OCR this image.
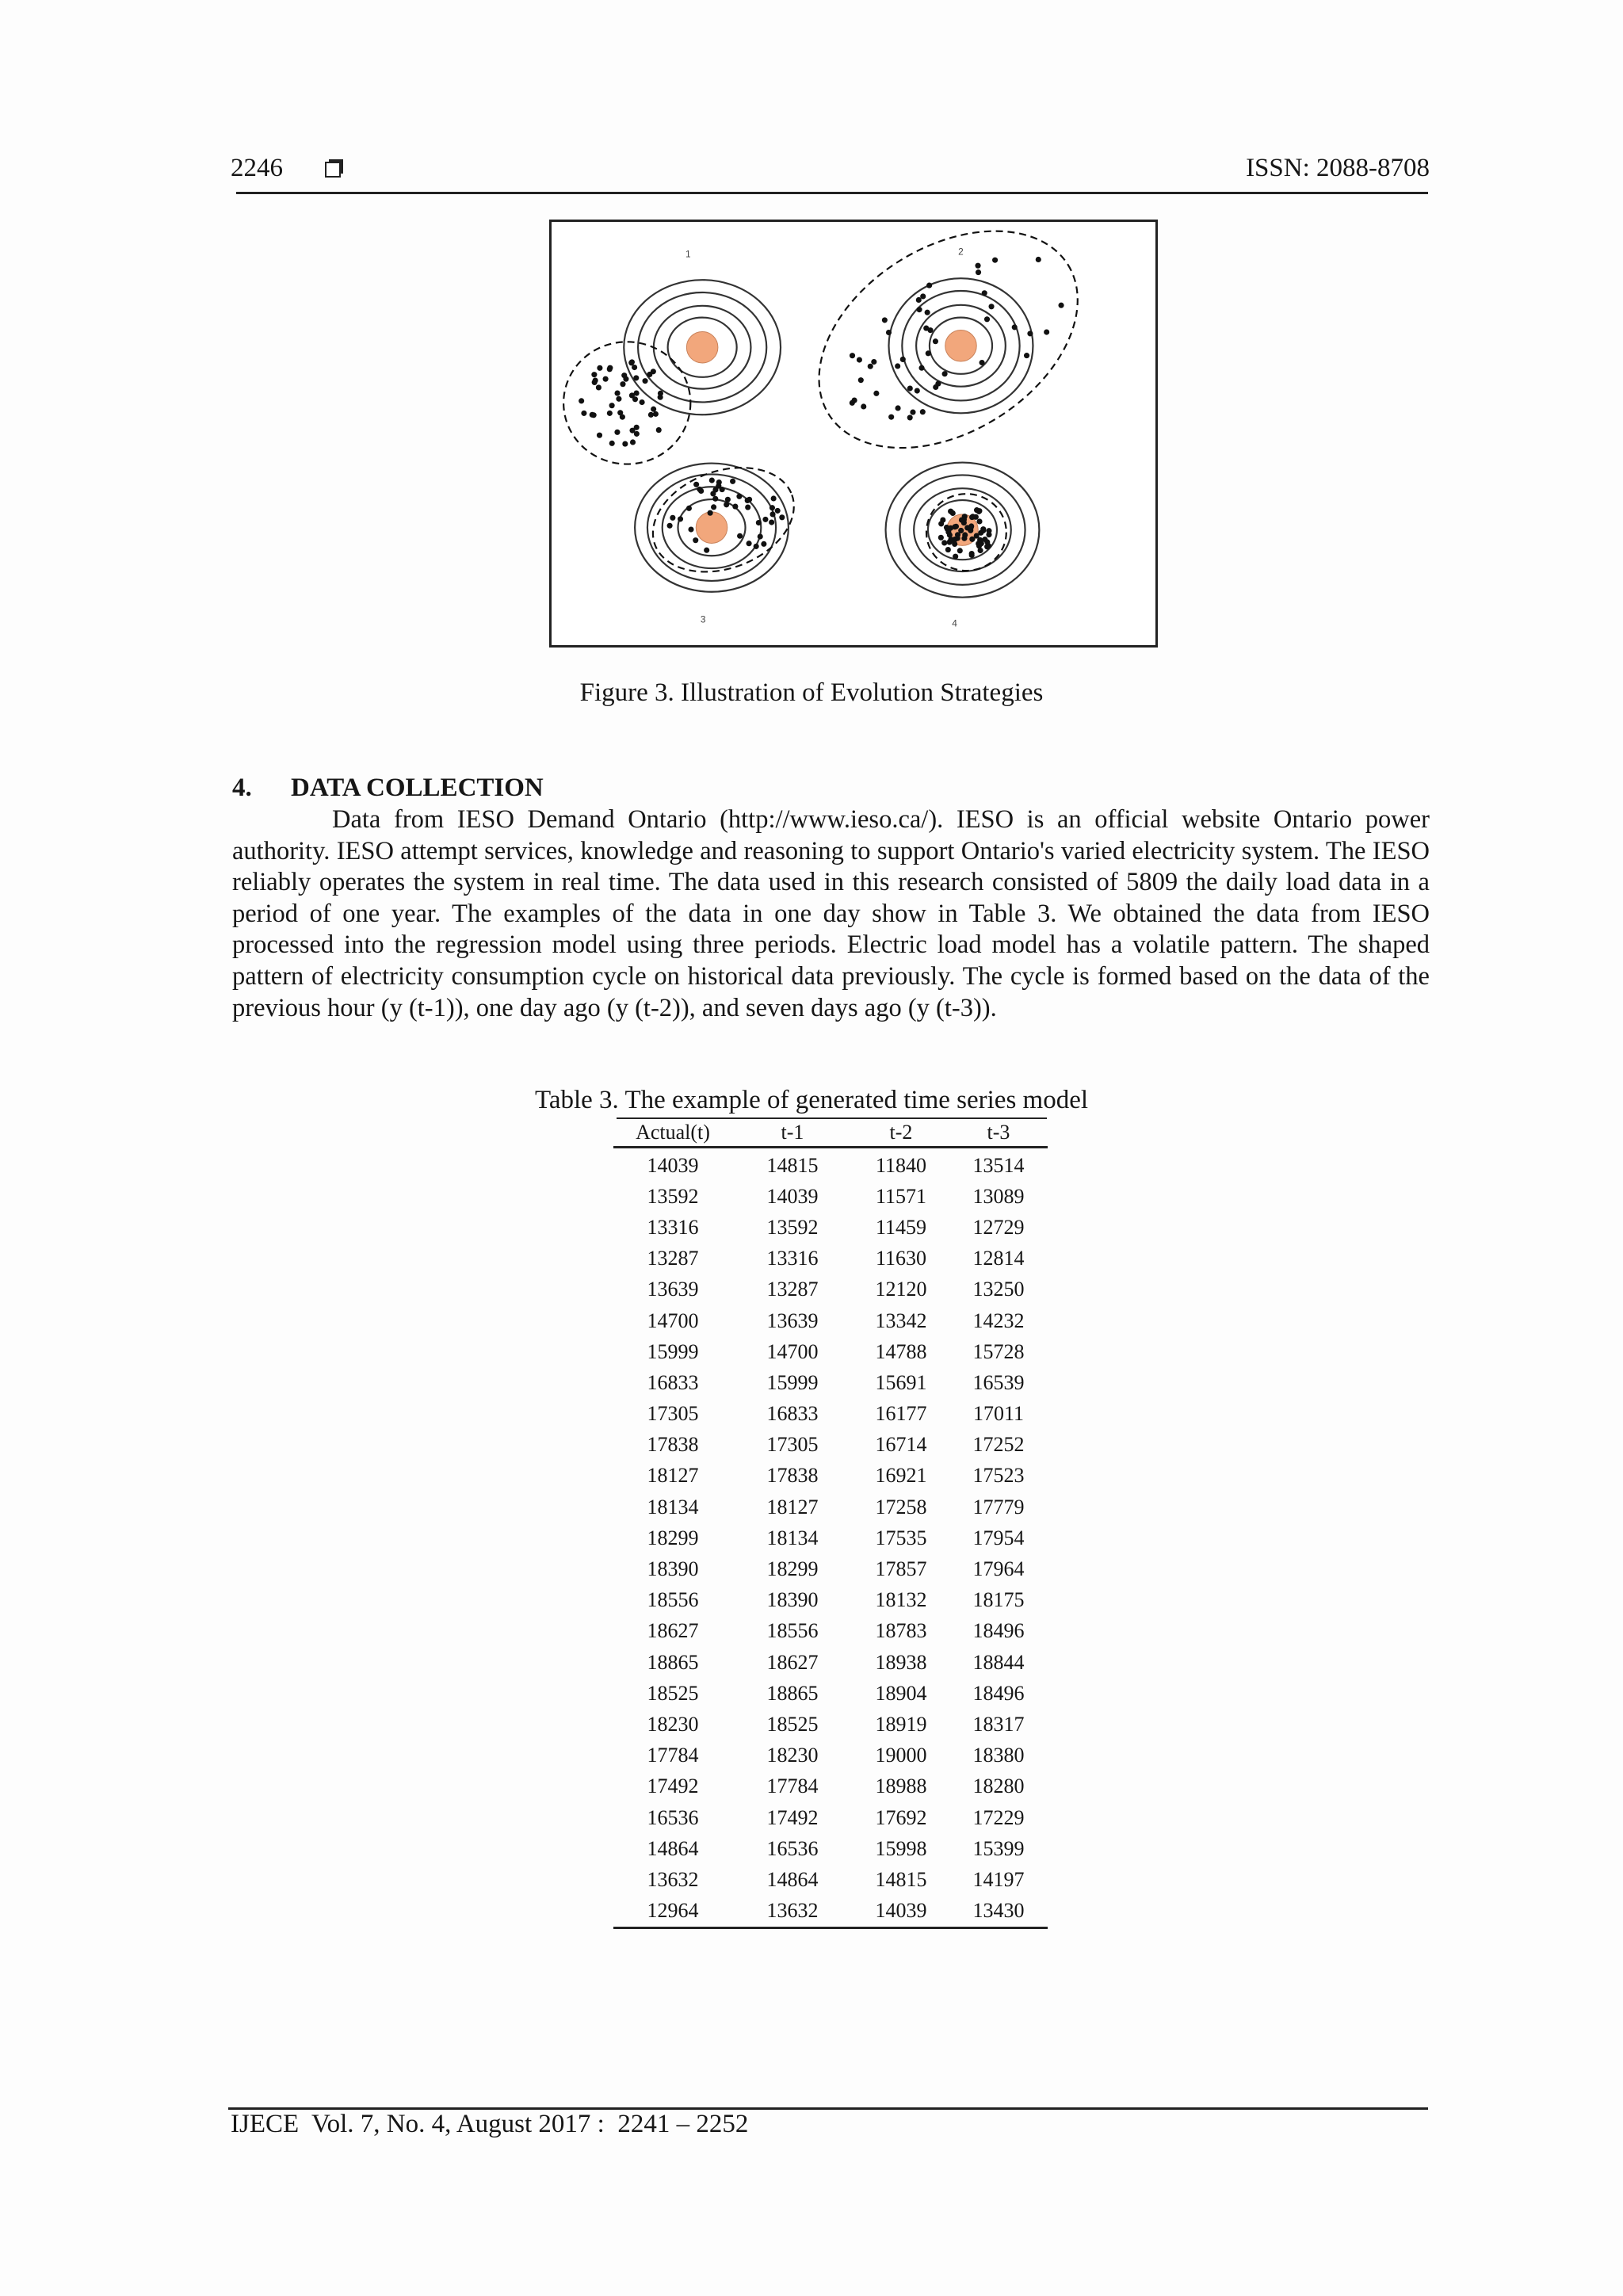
2246	ISSN: 2088-8708
1	2
3	4
Figure 3. Illustration of Evolution Strategies
4. DATA COLLECTION

Data from IESO Demand Ontario (http://www.ieso.ca/). IESO is an official website Ontario power authority. IESO attempt services, knowledge and reasoning to support Ontario's varied electricity system. The IESO reliably operates the system in real time. The data used in this research consisted of 5809 the daily load data in a period of one year. The examples of the data in one day show in Table 3. We obtained the data from IESO processed into the regression model using three periods. Electric load model has a volatile pattern. The shaped pattern of electricity consumption cycle on historical data previously. The cycle is formed based on the data of the previous hour (y (t-1)), one day ago (y (t-2)), and seven days ago (y (t-3)).

Table 3. The example of generated time series model
Actual(t)	t-1	t-2	t-3
14039	14815	11840	13514
13592	14039	11571	13089
13316	13592	11459	12729
13287	13316	11630	12814
13639	13287	12120	13250
14700	13639	13342	14232
15999	14700	14788	15728
16833	15999	15691	16539
17305	16833	16177	17011
17838	17305	16714	17252
18127	17838	16921	17523
18134	18127	17258	17779
18299	18134	17535	17954
18390	18299	17857	17964
18556	18390	18132	18175
18627	18556	18783	18496
18865	18627	18938	18844
18525	18865	18904	18496
18230	18525	18919	18317
17784	18230	19000	18380
17492	17784	18988	18280
16536	17492	17692	17229
14864	16536	15998	15399
13632	14864	14815	14197
12964	13632	14039	13430
IJECE  Vol. 7, No. 4, August 2017 :  2241 – 2252
